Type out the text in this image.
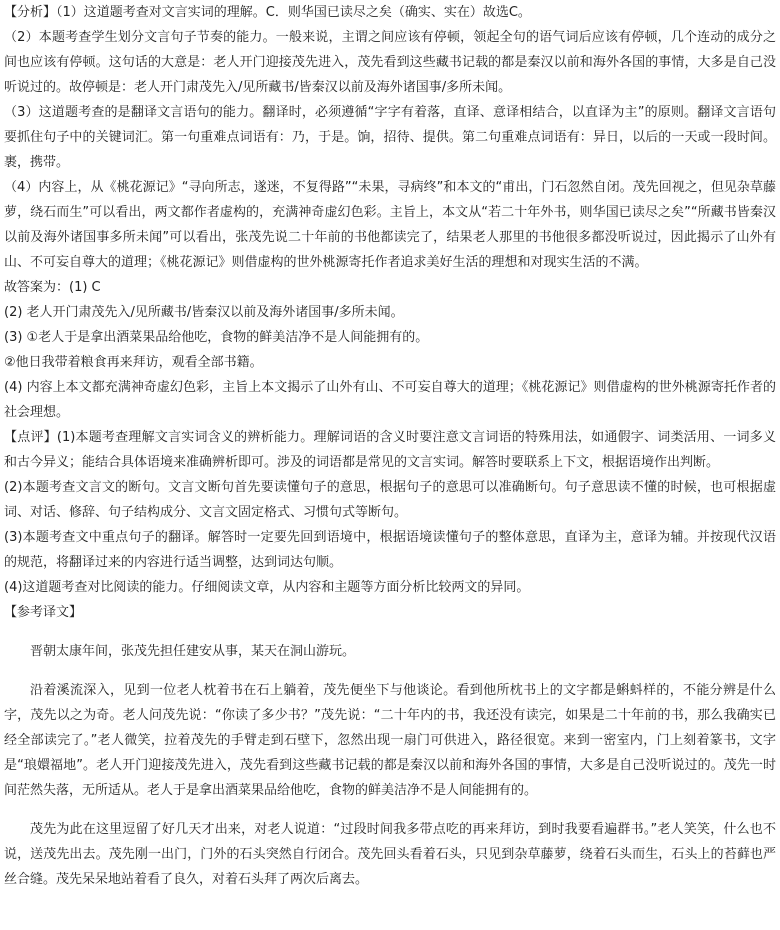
【分析】（1）这道题考查对文言实词的理解。C．则华国已读尽之矣（确实、实在）故选C。

（2）本题考查学生划分文言句子节奏的能力。一般来说，主谓之间应该有停顿，领起全句的语气词后应该有停顿，几个连动的成分之间也应该有停顿。这句话的大意是：老人开门迎接茂先进入，茂先看到这些藏书记载的都是秦汉以前和海外各国的事情，大多是自己没听说过的。故停顿是：老人开门肃茂先入/见所藏书/皆秦汉以前及海外诸国事/多所未闻。

（3）这道题考查的是翻译文言语句的能力。翻译时，必须遵循“字字有着落，直译、意译相结合，以直译为主”的原则。翻译文言语句要抓住句子中的关键词汇。第一句重难点词语有：乃，于是。饷，招待、提供。第二句重难点词语有：异日，以后的一天或一段时间。裹，携带。

（4）内容上，从《桃花源记》“寻向所志，遂迷，不复得路”“未果，寻病终”和本文的“甫出，门石忽然自闭。茂先回视之，但见杂草藤萝，绕石而生”可以看出，两文都作者虚构的，充满神奇虚幻色彩。主旨上，本文从“若二十年外书，则华国已读尽之矣”“所藏书皆秦汉以前及海外诸国事多所未闻”可以看出，张茂先说二十年前的书他都读完了，结果老人那里的书他很多都没听说过，因此揭示了山外有山、不可妄自尊大的道理；《桃花源记》则借虚构的世外桃源寄托作者追求美好生活的理想和对现实生活的不满。

故答案为：(1) C

(2) 老人开门肃茂先入/见所藏书/皆秦汉以前及海外诸国事/多所未闻。

(3) ①老人于是拿出酒菜果品给他吃，食物的鲜美洁净不是人间能拥有的。

②他日我带着粮食再来拜访，观看全部书籍。

(4) 内容上本文都充满神奇虚幻色彩，主旨上本文揭示了山外有山、不可妄自尊大的道理；《桃花源记》则借虚构的世外桃源寄托作者的社会理想。

【点评】(1)本题考查理解文言实词含义的辨析能力。理解词语的含义时要注意文言词语的特殊用法，如通假字、词类活用、一词多义和古今异义；能结合具体语境来准确辨析即可。涉及的词语都是常见的文言实词。解答时要联系上下文，根据语境作出判断。

(2)本题考查文言文的断句。文言文断句首先要读懂句子的意思，根据句子的意思可以准确断句。句子意思读不懂的时候，也可根据虚词、对话、修辞、句子结构成分、文言文固定格式、习惯句式等断句。

(3)本题考查文中重点句子的翻译。解答时一定要先回到语境中，根据语境读懂句子的整体意思，直译为主，意译为辅。并按现代汉语的规范，将翻译过来的内容进行适当调整，达到词达句顺。

(4)这道题考查对比阅读的能力。仔细阅读文章，从内容和主题等方面分析比较两文的异同。

【参考译文】

晋朝太康年间，张茂先担任建安从事，某天在洞山游玩。

沿着溪流深入，见到一位老人枕着书在石上躺着，茂先便坐下与他谈论。看到他所枕书上的文字都是蝌蚪样的，不能分辨是什么字，茂先以之为奇。老人问茂先说：“你读了多少书？”茂先说：“二十年内的书，我还没有读完，如果是二十年前的书，那么我确实已经全部读完了。”老人微笑，拉着茂先的手臂走到石壁下，忽然出现一扇门可供进入，路径很宽。来到一密室内，门上刻着篆书，文字是“琅嬛福地”。老人开门迎接茂先进入，茂先看到这些藏书记载的都是秦汉以前和海外各国的事情，大多是自己没听说过的。茂先一时间茫然失落，无所适从。老人于是拿出酒菜果品给他吃，食物的鲜美洁净不是人间能拥有的。

茂先为此在这里逗留了好几天才出来，对老人说道：“过段时间我多带点吃的再来拜访，到时我要看遍群书。”老人笑笑，什么也不说，送茂先出去。茂先刚一出门，门外的石头突然自行闭合。茂先回头看着石头，只见到杂草藤萝，绕着石头而生，石头上的苔藓也严丝合缝。茂先呆呆地站着看了良久，对着石头拜了两次后离去。
